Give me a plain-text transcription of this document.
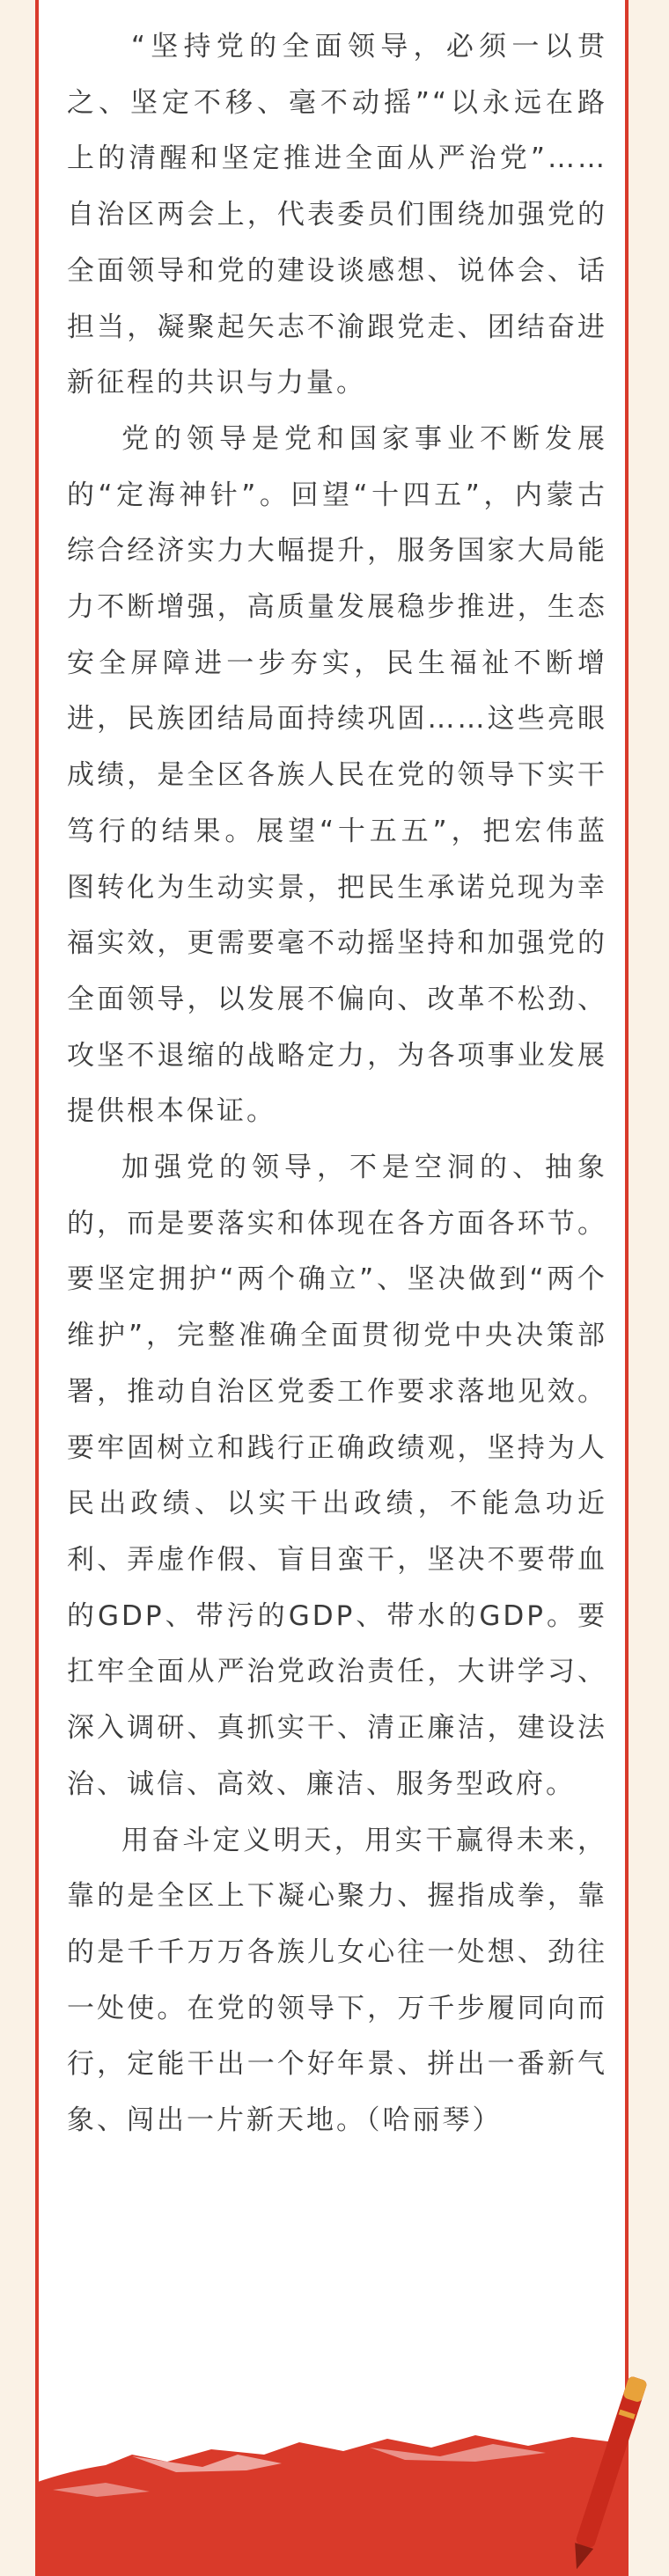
“坚持党的全面领导，必须一以贯之、坚定不移、毫不动摇”“以永远在路上的清醒和坚定推进全面从严治党”……自治区两会上，代表委员们围绕加强党的全面领导和党的建设谈感想、说体会、话担当，凝聚起矢志不渝跟党走、团结奋进新征程的共识与力量。

党的领导是党和国家事业不断发展的“定海神针”。回望“十四五”，内蒙古综合经济实力大幅提升，服务国家大局能力不断增强，高质量发展稳步推进，生态安全屏障进一步夯实，民生福祉不断增进，民族团结局面持续巩固……这些亮眼成绩，是全区各族人民在党的领导下实干笃行的结果。展望“十五五”，把宏伟蓝图转化为生动实景，把民生承诺兑现为幸福实效，更需要毫不动摇坚持和加强党的全面领导，以发展不偏向、改革不松劲、攻坚不退缩的战略定力，为各项事业发展提供根本保证。

加强党的领导，不是空洞的、抽象的，而是要落实和体现在各方面各环节。要坚定拥护“两个确立”、坚决做到“两个维护”，完整准确全面贯彻党中央决策部署，推动自治区党委工作要求落地见效。要牢固树立和践行正确政绩观，坚持为人民出政绩、以实干出政绩，不能急功近利、弄虚作假、盲目蛮干，坚决不要带血的GDP、带污的GDP、带水的GDP。要扛牢全面从严治党政治责任，大讲学习、深入调研、真抓实干、清正廉洁，建设法治、诚信、高效、廉洁、服务型政府。

用奋斗定义明天，用实干赢得未来，靠的是全区上下凝心聚力、握指成拳，靠的是千千万万各族儿女心往一处想、劲往一处使。在党的领导下，万千步履同向而行，定能干出一个好年景、拼出一番新气象、闯出一片新天地。（哈丽琴）
